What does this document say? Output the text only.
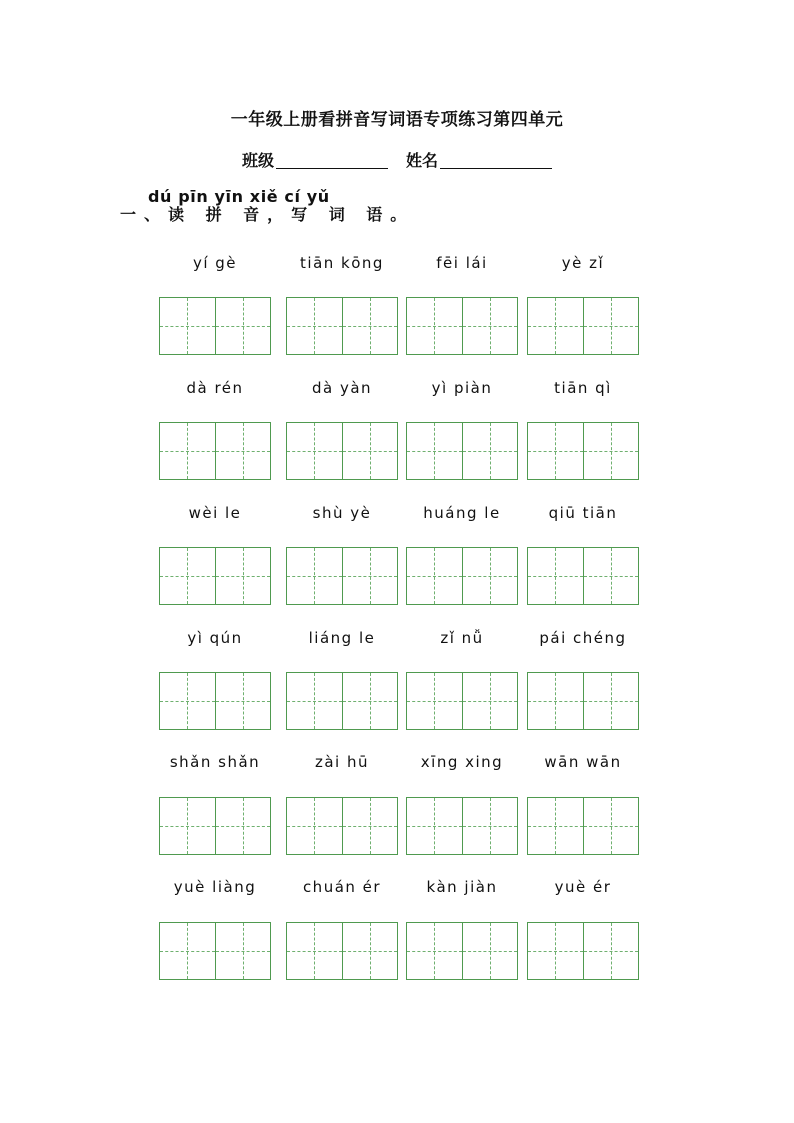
一年级上册看拼音写词语专项练习第四单元
班级	姓名
dú pīn yīn xiě cí yǔ
一、读 拼 音，写 词 语。
yí gè	tiān kōng	fēi lái	yè zǐ
dà rén	dà yàn	yì piàn	tiān qì
wèi le	shù yè	huáng le	qiū tiān
yì qún	liáng le	zǐ nǚ	pái chéng
shǎn shǎn	zài hū	xīng xing	wān wān
yuè liàng	chuán ér	kàn jiàn	yuè ér
